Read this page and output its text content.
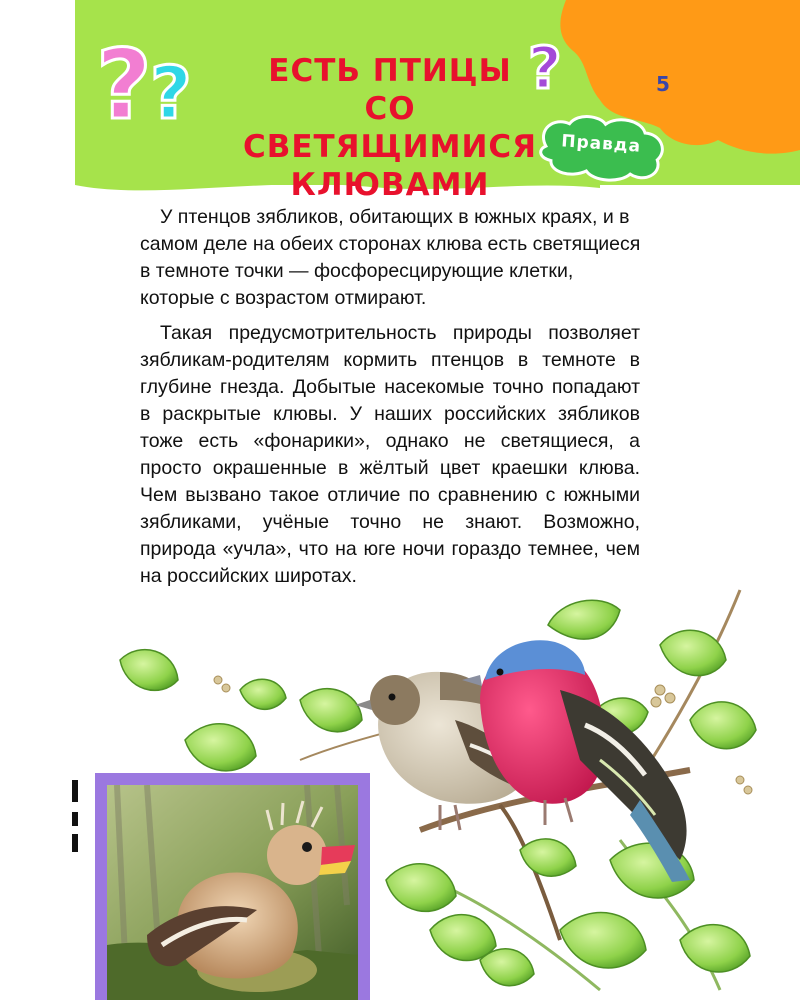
?
?	?
ЕСТЬ ПТИЦЫ
СО СВЕТЯЩИМИСЯ
КЛЮВАМИ
5
Правда

У птенцов зябликов, обитающих в южных краях, и в самом деле на обеих сторонах клюва есть светящиеся в темноте точки — фосфоресцирующие клетки, которые с возрастом отмирают.

Такая предусмотрительность природы позволяет зябликам-родителям кормить птенцов в темноте в глубине гнезда. Добытые насекомые точно попадают в раскрытые клювы. У наших российских зябликов тоже есть «фонарики», однако не светящиеся, а просто окрашенные в жёлтый цвет краешки клюва. Чем вызвано такое отличие по сравнению с южными зябликами, учёные точно не знают. Возможно, природа «учла», что на юге ночи гораздо темнее, чем на российских широтах.
